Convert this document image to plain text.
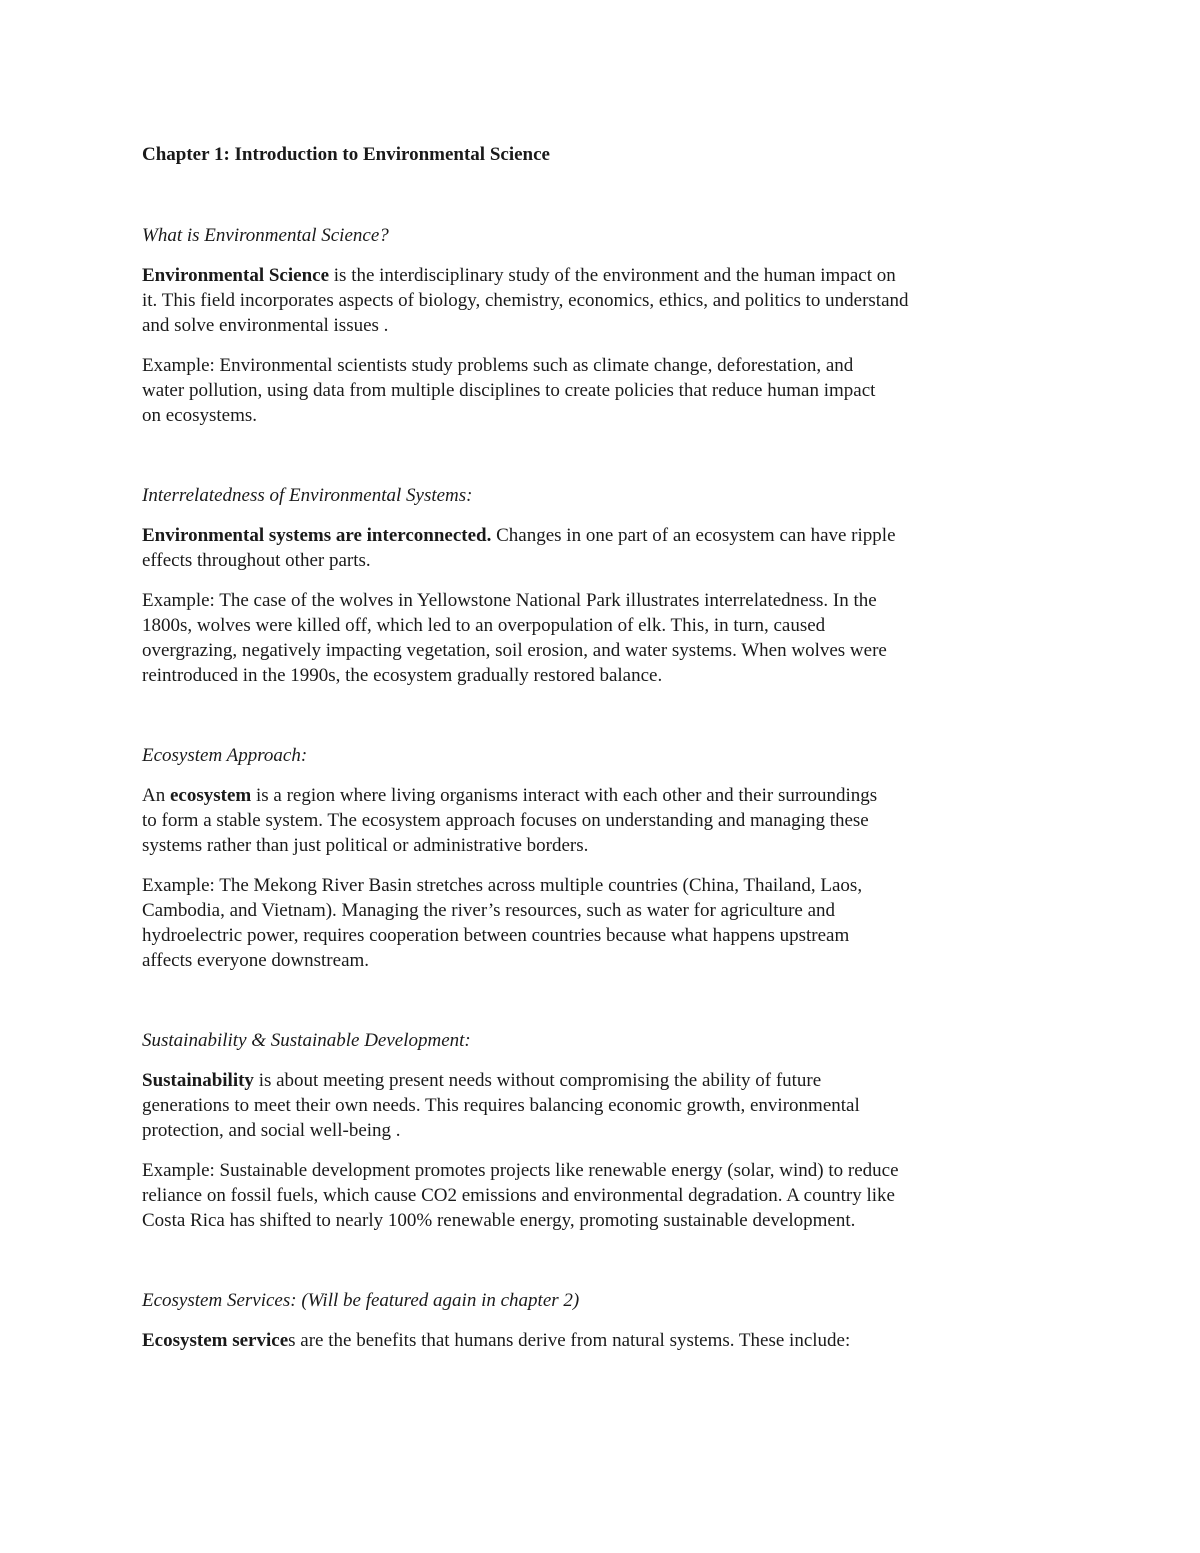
Chapter 1: Introduction to Environmental Science

What is Environmental Science?

Environmental Science is the interdisciplinary study of the environment and the human impact on
it. This field incorporates aspects of biology, chemistry, economics, ethics, and politics to understand
and solve environmental issues .

Example: Environmental scientists study problems such as climate change, deforestation, and
water pollution, using data from multiple disciplines to create policies that reduce human impact
on ecosystems.

Interrelatedness of Environmental Systems:

Environmental systems are interconnected. Changes in one part of an ecosystem can have ripple
effects throughout other parts.

Example: The case of the wolves in Yellowstone National Park illustrates interrelatedness. In the
1800s, wolves were killed off, which led to an overpopulation of elk. This, in turn, caused
overgrazing, negatively impacting vegetation, soil erosion, and water systems. When wolves were
reintroduced in the 1990s, the ecosystem gradually restored balance.

Ecosystem Approach:

An ecosystem is a region where living organisms interact with each other and their surroundings
to form a stable system. The ecosystem approach focuses on understanding and managing these
systems rather than just political or administrative borders.

Example: The Mekong River Basin stretches across multiple countries (China, Thailand, Laos,
Cambodia, and Vietnam). Managing the river’s resources, such as water for agriculture and
hydroelectric power, requires cooperation between countries because what happens upstream
affects everyone downstream.

Sustainability & Sustainable Development:

Sustainability is about meeting present needs without compromising the ability of future
generations to meet their own needs. This requires balancing economic growth, environmental
protection, and social well-being .

Example: Sustainable development promotes projects like renewable energy (solar, wind) to reduce
reliance on fossil fuels, which cause CO2 emissions and environmental degradation. A country like
Costa Rica has shifted to nearly 100% renewable energy, promoting sustainable development.

Ecosystem Services: (Will be featured again in chapter 2)

Ecosystem services are the benefits that humans derive from natural systems. These include:
